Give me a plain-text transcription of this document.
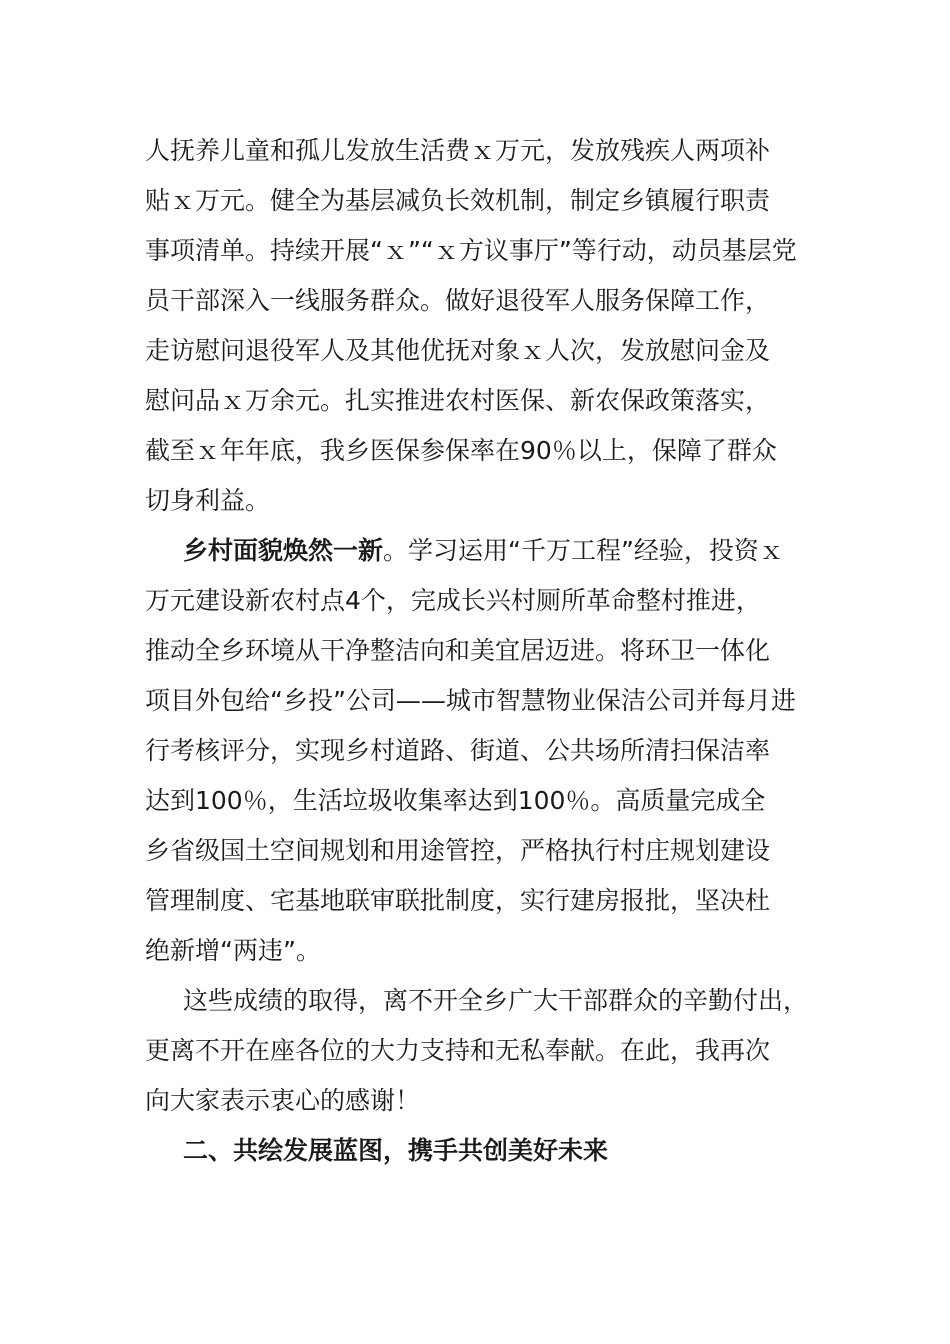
人抚养儿童和孤儿发放生活费ｘ万元，发放残疾人两项补
贴ｘ万元。健全为基层减负长效机制，制定乡镇履行职责
事项清单。持续开展“ｘ”“ｘ方议事厅”等行动，动员基层党
员干部深入一线服务群众。做好退役军人服务保障工作，
走访慰问退役军人及其他优抚对象ｘ人次，发放慰问金及
慰问品ｘ万余元。扎实推进农村医保、新农保政策落实，
截至ｘ年年底，我乡医保参保率在90％以上，保障了群众
切身利益。
乡村面貌焕然一新。学习运用“千万工程”经验，投资ｘ
万元建设新农村点4个，完成长兴村厕所革命整村推进，
推动全乡环境从干净整洁向和美宜居迈进。将环卫一体化
项目外包给“乡投”公司——城市智慧物业保洁公司并每月进
行考核评分，实现乡村道路、街道、公共场所清扫保洁率
达到100％，生活垃圾收集率达到100％。高质量完成全
乡省级国土空间规划和用途管控，严格执行村庄规划建设
管理制度、宅基地联审联批制度，实行建房报批，坚决杜
绝新增“两违”。
这些成绩的取得，离不开全乡广大干部群众的辛勤付出，
更离不开在座各位的大力支持和无私奉献。在此，我再次
向大家表示衷心的感谢！
二、共绘发展蓝图，携手共创美好未来
